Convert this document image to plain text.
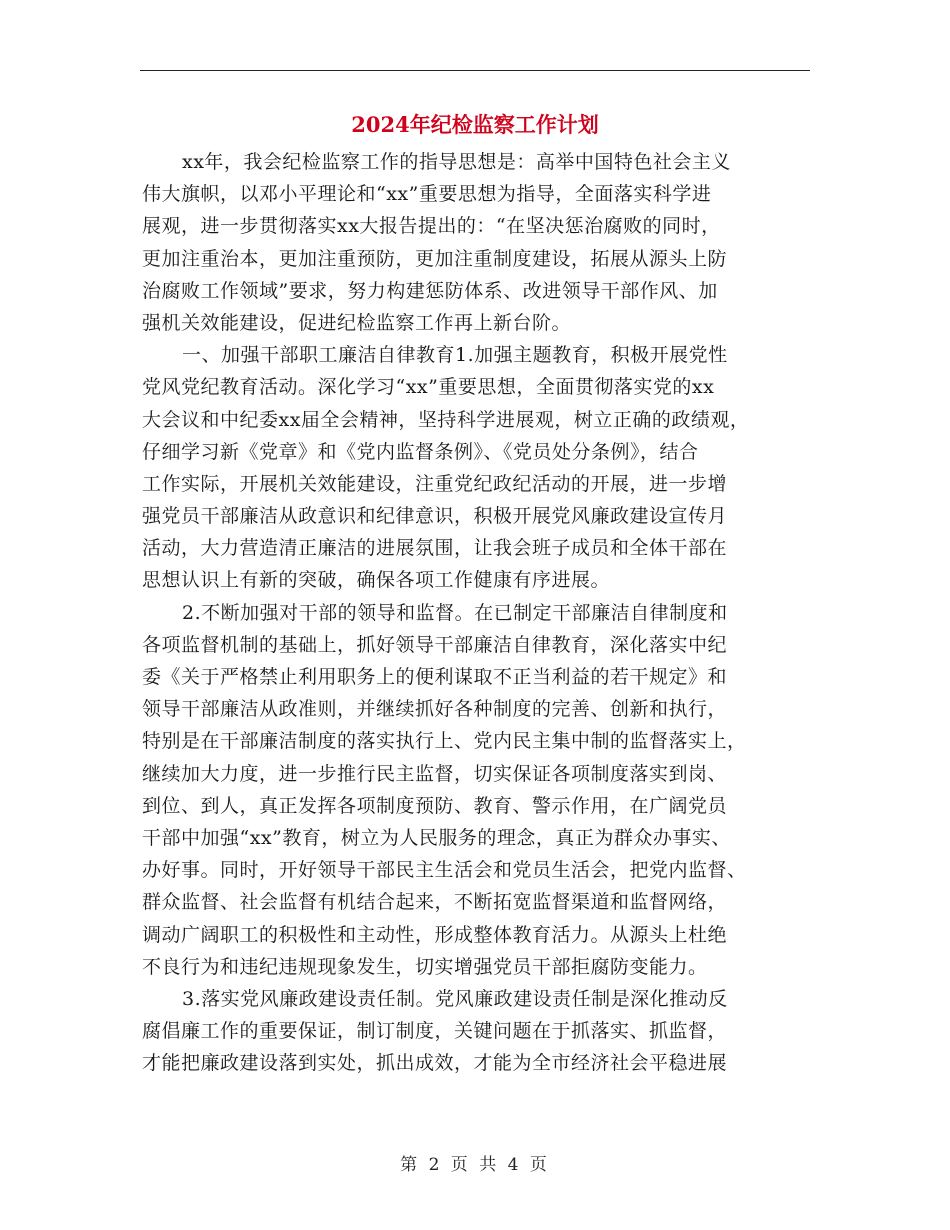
2024年纪检监察工作计划
xx年，我会纪检监察工作的指导思想是：高举中国特色社会主义
伟大旗帜，以邓小平理论和“xx”重要思想为指导，全面落实科学进
展观，进一步贯彻落实xx大报告提出的：“在坚决惩治腐败的同时，
更加注重治本，更加注重预防，更加注重制度建设，拓展从源头上防
治腐败工作领域”要求，努力构建惩防体系、改进领导干部作风、加
强机关效能建设，促进纪检监察工作再上新台阶。
一、加强干部职工廉洁自律教育1.加强主题教育，积极开展党性
党风党纪教育活动。深化学习“xx”重要思想，全面贯彻落实党的xx
大会议和中纪委xx届全会精神，坚持科学进展观，树立正确的政绩观，
仔细学习新《党章》和《党内监督条例》、《党员处分条例》，结合
工作实际，开展机关效能建设，注重党纪政纪活动的开展，进一步增
强党员干部廉洁从政意识和纪律意识，积极开展党风廉政建设宣传月
活动，大力营造清正廉洁的进展氛围，让我会班子成员和全体干部在
思想认识上有新的突破，确保各项工作健康有序进展。
2.不断加强对干部的领导和监督。在已制定干部廉洁自律制度和
各项监督机制的基础上，抓好领导干部廉洁自律教育，深化落实中纪
委《关于严格禁止利用职务上的便利谋取不正当利益的若干规定》和
领导干部廉洁从政准则，并继续抓好各种制度的完善、创新和执行，
特别是在干部廉洁制度的落实执行上、党内民主集中制的监督落实上，
继续加大力度，进一步推行民主监督，切实保证各项制度落实到岗、
到位、到人，真正发挥各项制度预防、教育、警示作用，在广阔党员
干部中加强“xx”教育，树立为人民服务的理念，真正为群众办事实、
办好事。同时，开好领导干部民主生活会和党员生活会，把党内监督、
群众监督、社会监督有机结合起来，不断拓宽监督渠道和监督网络，
调动广阔职工的积极性和主动性，形成整体教育活力。从源头上杜绝
不良行为和违纪违规现象发生，切实增强党员干部拒腐防变能力。
3.落实党风廉政建设责任制。党风廉政建设责任制是深化推动反
腐倡廉工作的重要保证，制订制度，关键问题在于抓落实、抓监督，
才能把廉政建设落到实处，抓出成效，才能为全市经济社会平稳进展
第 2 页 共 4 页
